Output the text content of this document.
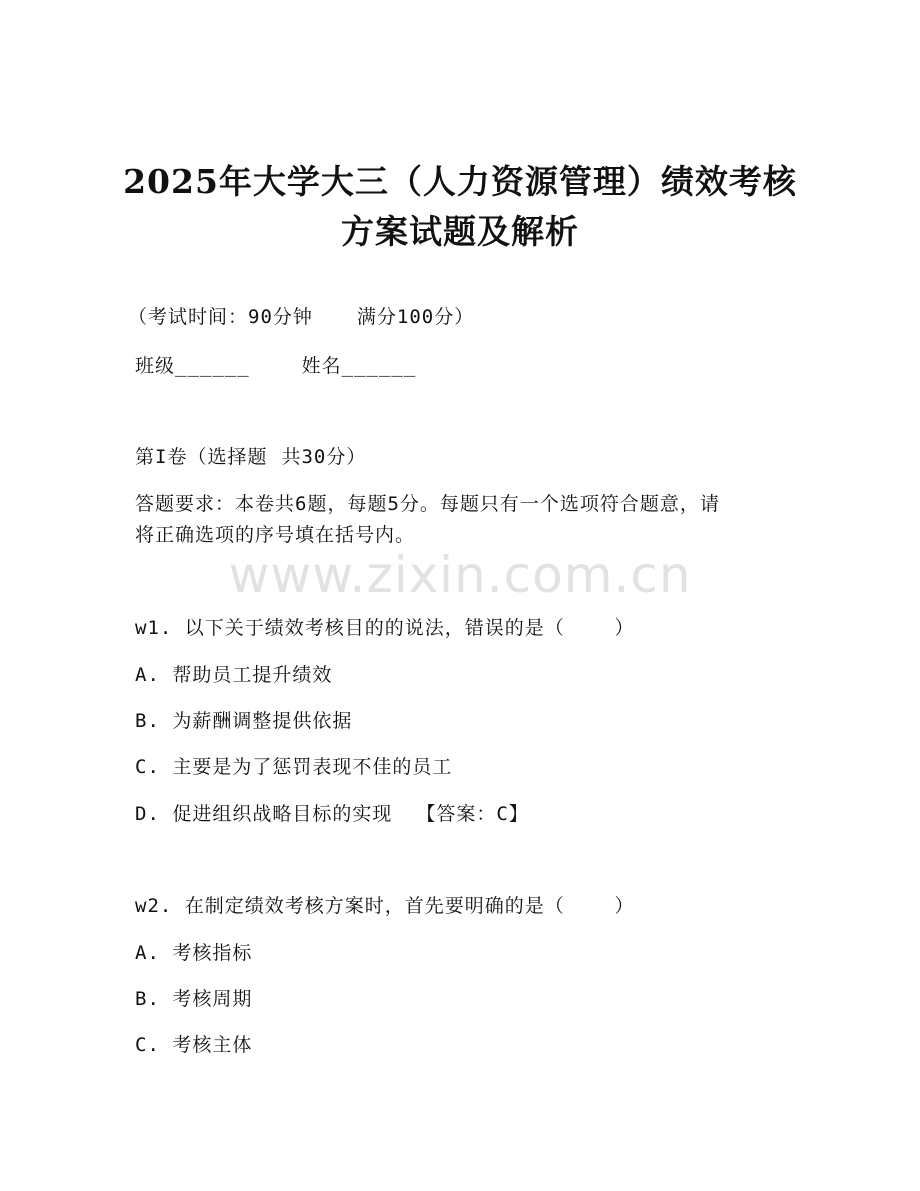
2025年大学大三（人力资源管理）绩效考核
方案试题及解析
（考试时间：90分钟 满分100分）
班级______	姓名______
第I卷（选择题 共30分）
答题要求：本卷共6题，每题5分。每题只有一个选项符合题意，请
将正确选项的序号填在括号内。
www.zixin.com.cn
w1. 以下关于绩效考核目的的说法，错误的是（    ）
A. 帮助员工提升绩效
B. 为薪酬调整提供依据
C. 主要是为了惩罚表现不佳的员工
D. 促进组织战略目标的实现 【答案：C】
w2. 在制定绩效考核方案时，首先要明确的是（    ）
A. 考核指标
B. 考核周期
C. 考核主体
